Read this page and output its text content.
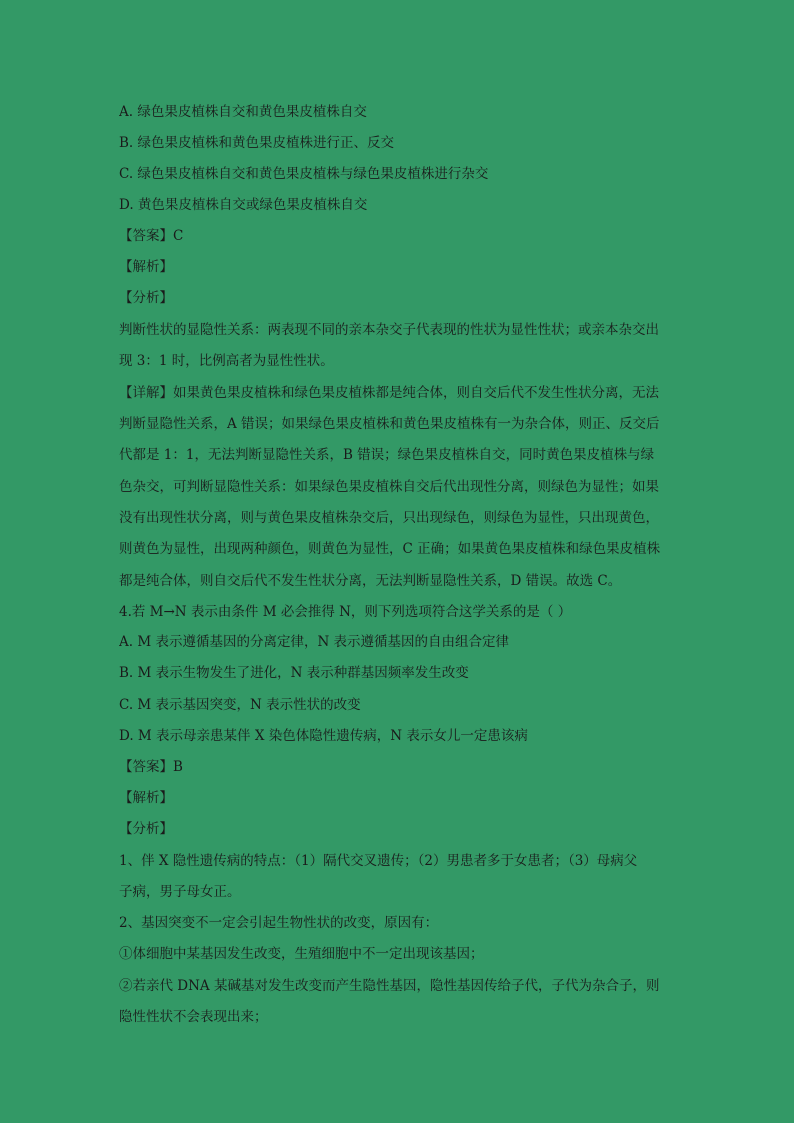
A. 绿色果皮植株自交和黄色果皮植株自交
B. 绿色果皮植株和黄色果皮植株进行正、反交
C. 绿色果皮植株自交和黄色果皮植株与绿色果皮植株进行杂交
D. 黄色果皮植株自交或绿色果皮植株自交
【答案】C
【解析】
【分析】
判断性状的显隐性关系：两表现不同的亲本杂交子代表现的性状为显性性状；或亲本杂交出
现 3：1 时，比例高者为显性性状。
【详解】如果黄色果皮植株和绿色果皮植株都是纯合体，则自交后代不发生性状分离，无法
判断显隐性关系，A 错误；如果绿色果皮植株和黄色果皮植株有一为杂合体，则正、反交后
代都是 1：1，无法判断显隐性关系，B 错误；绿色果皮植株自交，同时黄色果皮植株与绿
色杂交，可判断显隐性关系：如果绿色果皮植株自交后代出现性分离，则绿色为显性；如果
没有出现性状分离，则与黄色果皮植株杂交后，只出现绿色，则绿色为显性，只出现黄色，
则黄色为显性，出现两种颜色，则黄色为显性，C 正确；如果黄色果皮植株和绿色果皮植株
都是纯合体，则自交后代不发生性状分离，无法判断显隐性关系，D 错误。故选 C。
4.若 M→N 表示由条件 M 必会推得 N，则下列选项符合这学关系的是（ ）
A. M 表示遵循基因的分离定律，N 表示遵循基因的自由组合定律
B. M 表示生物发生了进化，N 表示种群基因频率发生改变
C. M 表示基因突变，N 表示性状的改变
D. M 表示母亲患某伴 X 染色体隐性遗传病，N 表示女儿一定患该病
【答案】B
【解析】
【分析】
1、伴 X 隐性遗传病的特点：（1）隔代交叉遗传；（2）男患者多于女患者；（3）母病父
子病，男子母女正。
2、基因突变不一定会引起生物性状的改变，原因有：
①体细胞中某基因发生改变，生殖细胞中不一定出现该基因；
②若亲代 DNA 某碱基对发生改变而产生隐性基因，隐性基因传给子代，子代为杂合子，则
隐性性状不会表现出来；
